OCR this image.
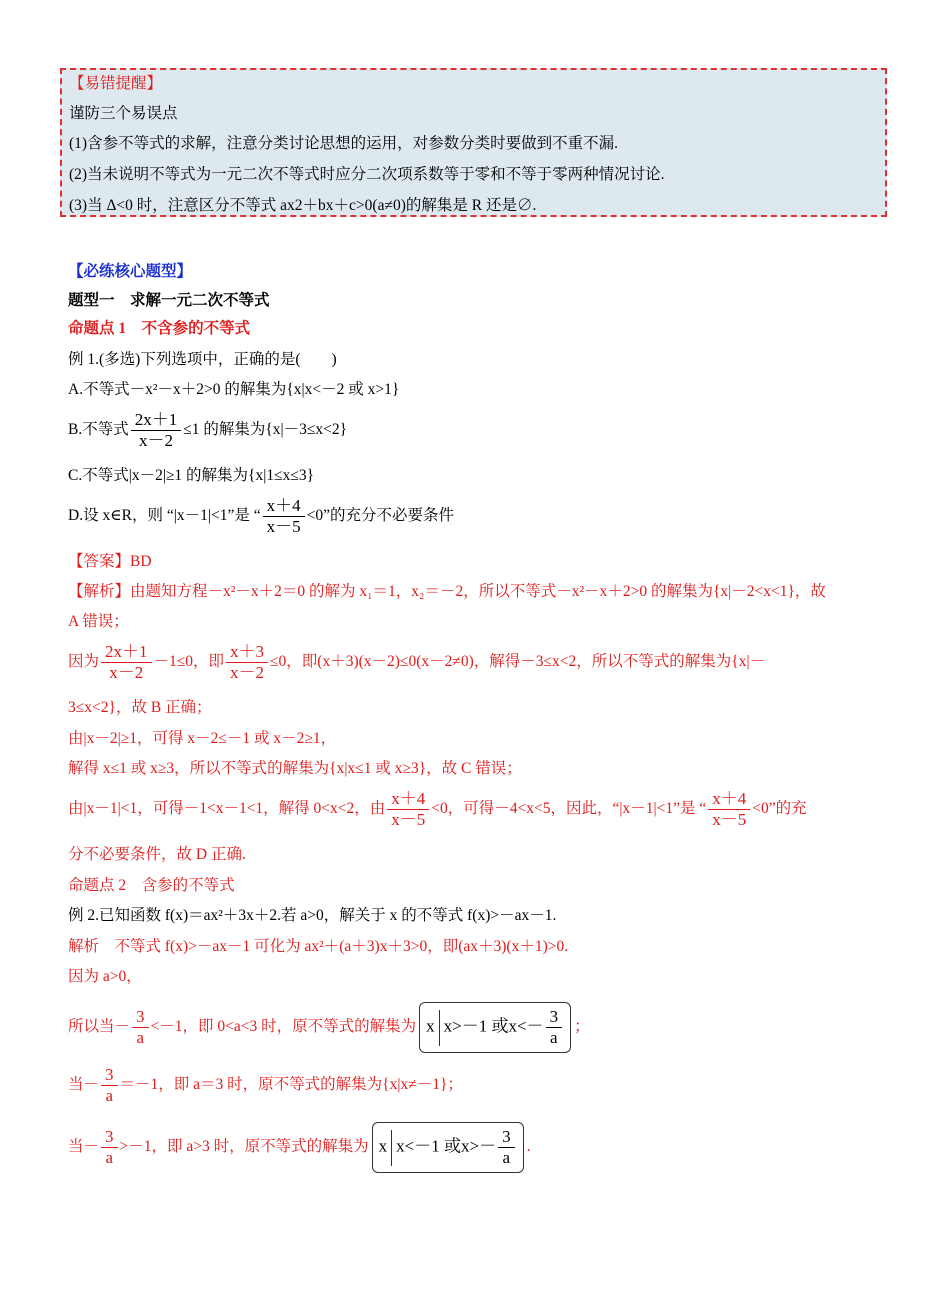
【易错提醒】
谨防三个易误点
(1)含参不等式的求解，注意分类讨论思想的运用，对参数分类时要做到不重不漏.
(2)当未说明不等式为一元二次不等式时应分二次项系数等于零和不等于零两种情况讨论.
(3)当 Δ<0 时，注意区分不等式 ax2＋bx＋c>0(a≠0)的解集是 R 还是∅.
【必练核心题型】
题型一　求解一元二次不等式
命题点 1　不含参的不等式
例 1.(多选)下列选项中，正确的是(　　)
A.不等式－x²－x＋2>0 的解集为{x|x<－2 或 x>1}
B.不等式 $\frac{2x+1}{x-2} \le 1$ 的解集为{x|－3≤x<2}
C.不等式|x－2|≥1 的解集为{x|1≤x≤3}
D.设 x∈R，则 “|x－1|<1”是 “ $\frac{x+4}{x-5} <0$”的充分不必要条件
【答案】BD
【解析】由题知方程－x²－x＋2＝0 的解为 x₁＝1，x₂＝－2，所以不等式－x²－x＋2>0 的解集为{x|－2<x<1}，故
A 错误；
因为 $\frac{2x+1}{x-2} -1\le 0$，即 $\frac{x+3}{x-2} \le 0$，即(x＋3)(x－2)≤0(x－2≠0)，解得－3≤x<2，所以不等式的解集为{x|－
3≤x<2}，故 B 正确；
由|x－2|≥1，可得 x－2≤－1 或 x－2≥1，
解得 x≤1 或 x≥3，所以不等式的解集为{x|x≤1 或 x≥3}，故 C 错误；
由|x－1|<1，可得－1<x－1<1，解得 0<x<2，由 $\frac{x+4}{x-5} <0$，可得－4<x<5，因此，“|x－1|<1”是 “ $\frac{x+4}{x-5} <0$”的充
分不必要条件，故 D 正确.
命题点 2　含参的不等式
例 2.已知函数 f(x)＝ax²＋3x＋2.若 a>0，解关于 x 的不等式 f(x)>－ax－1.
解析　不等式 f(x)>－ax－1 可化为 ax²＋(a＋3)x＋3>0，即(ax＋3)(x＋1)>0.
因为 a>0，
所以当－ $\frac{3}{a} <-1$，即 0<a<3 时，原不等式的解集为 x x>－1 或$x<- \frac{3}{a}$ ；
当－ $\frac{3}{a} =-1$，即 a＝3 时，原不等式的解集为{x|x≠－1}；
当－ $\frac{3}{a} >-1$，即 a>3 时，原不等式的解集为 x x<－1 或$x>- \frac{3}{a}$ .
